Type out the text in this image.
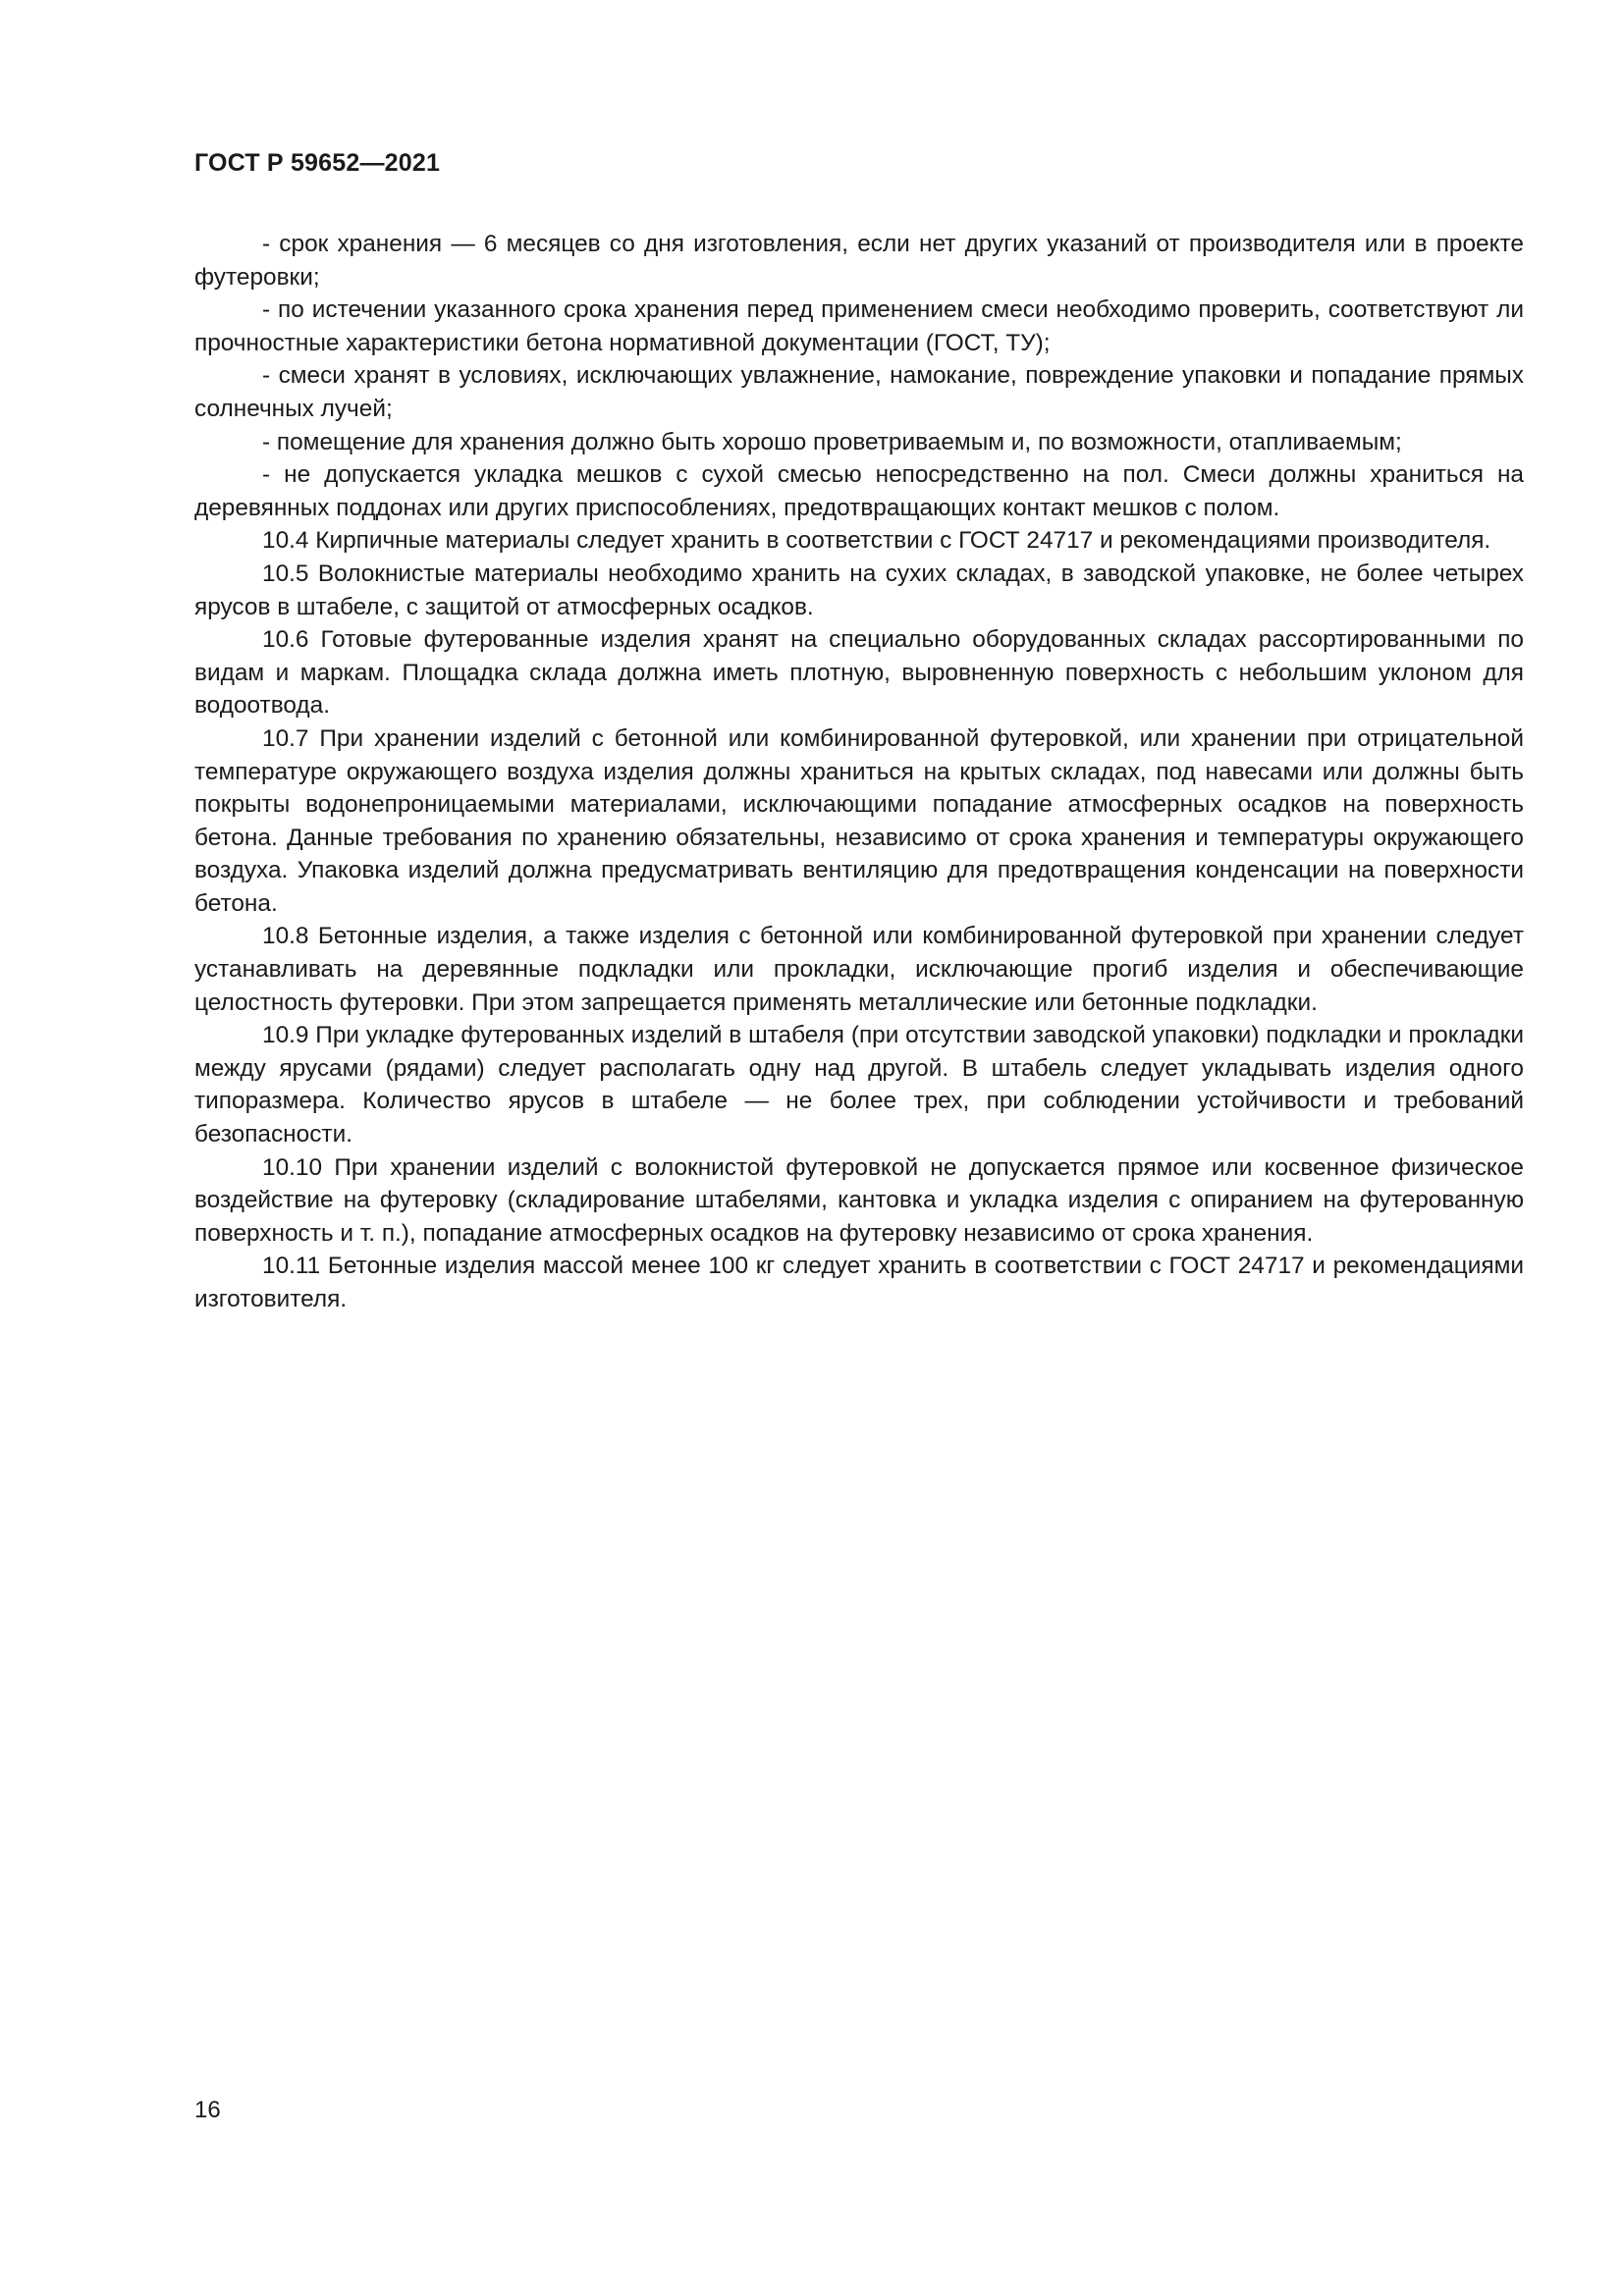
ГОСТ Р 59652—2021

- срок хранения — 6 месяцев со дня изготовления, если нет других указаний от производителя или в проекте футеровки;

- по истечении указанного срока хранения перед применением смеси необходимо проверить, соответствуют ли прочностные характеристики бетона нормативной документации (ГОСТ, ТУ);

- смеси хранят в условиях, исключающих увлажнение, намокание, повреждение упаковки и попадание прямых солнечных лучей;

- помещение для хранения должно быть хорошо проветриваемым и, по возможности, отапливаемым;

- не допускается укладка мешков с сухой смесью непосредственно на пол. Смеси должны храниться на деревянных поддонах или других приспособлениях, предотвращающих контакт мешков с полом.

10.4 Кирпичные материалы следует хранить в соответствии с ГОСТ 24717 и рекомендациями производителя.

10.5 Волокнистые материалы необходимо хранить на сухих складах, в заводской упаковке, не более четырех ярусов в штабеле, с защитой от атмосферных осадков.

10.6 Готовые футерованные изделия хранят на специально оборудованных складах рассортированными по видам и маркам. Площадка склада должна иметь плотную, выровненную поверхность с небольшим уклоном для водоотвода.

10.7 При хранении изделий с бетонной или комбинированной футеровкой, или хранении при отрицательной температуре окружающего воздуха изделия должны храниться на крытых складах, под навесами или должны быть покрыты водонепроницаемыми материалами, исключающими попадание атмосферных осадков на поверхность бетона. Данные требования по хранению обязательны, независимо от срока хранения и температуры окружающего воздуха. Упаковка изделий должна предусматривать вентиляцию для предотвращения конденсации на поверхности бетона.

10.8 Бетонные изделия, а также изделия с бетонной или комбинированной футеровкой при хранении следует устанавливать на деревянные подкладки или прокладки, исключающие прогиб изделия и обеспечивающие целостность футеровки. При этом запрещается применять металлические или бетонные подкладки.

10.9 При укладке футерованных изделий в штабеля (при отсутствии заводской упаковки) подкладки и прокладки между ярусами (рядами) следует располагать одну над другой. В штабель следует укладывать изделия одного типоразмера. Количество ярусов в штабеле — не более трех, при соблюдении устойчивости и требований безопасности.

10.10 При хранении изделий с волокнистой футеровкой не допускается прямое или косвенное физическое воздействие на футеровку (складирование штабелями, кантовка и укладка изделия с опиранием на футерованную поверхность и т. п.), попадание атмосферных осадков на футеровку независимо от срока хранения.

10.11 Бетонные изделия массой менее 100 кг следует хранить в соответствии с ГОСТ 24717 и рекомендациями изготовителя.

16
